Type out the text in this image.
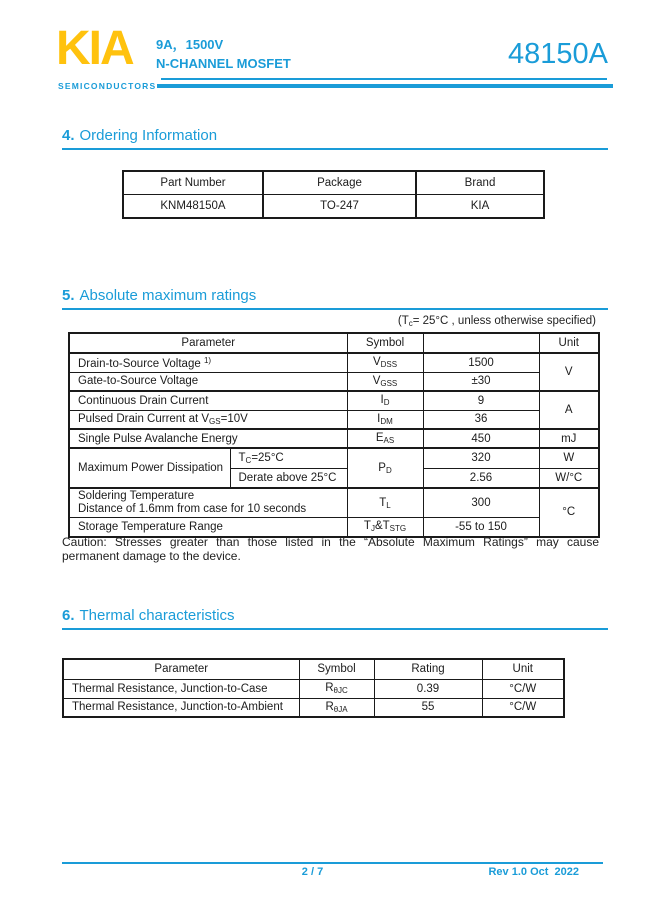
KIA
SEMICONDUCTORS
9A，1500V
N-CHANNEL MOSFET	48150A
4. Ordering Information
Part Number	Package	Brand
KNM48150A	TO-247	KIA
5. Absolute maximum ratings
($T_c= 25^\circ C$ , unless otherwise specified)
Parameter		Symbol		Unit
Drain-to-Source Voltage $^{1)}$		$V_{DSS}$	1500	V
Gate-to-Source Voltage		$V_{GSS}$	±30	
Continuous Drain Current		$I_D$	9	A
Pulsed Drain Current at $V_{GS}=10V$		$I_{DM}$	36	
Single Pulse Avalanche Energy		$E_{AS}$	450	mJ
Maximum Power Dissipation	$T_C=25^\circ C$	$P_D$	320	W
	Derate above 25°C		2.56	W/°C

Soldering Temperature
Distance of 1.6mm from case for 10 seconds		$T_L$	300	°C
Storage Temperature Range		$T_J\&T_{STG}$	-55 to 150	
Caution: Stresses greater than those listed in the “Absolute Maximum Ratings” may cause permanent damage to the device.
6. Thermal characteristics
Parameter	Symbol	Rating	Unit
Thermal Resistance, Junction-to-Case	$R_{\theta JC}$	0.39	°C/W
Thermal Resistance, Junction-to-Ambient	$R_{\theta JA}$	55	°C/W
2 / 7	Rev 1.0 Oct  2022
